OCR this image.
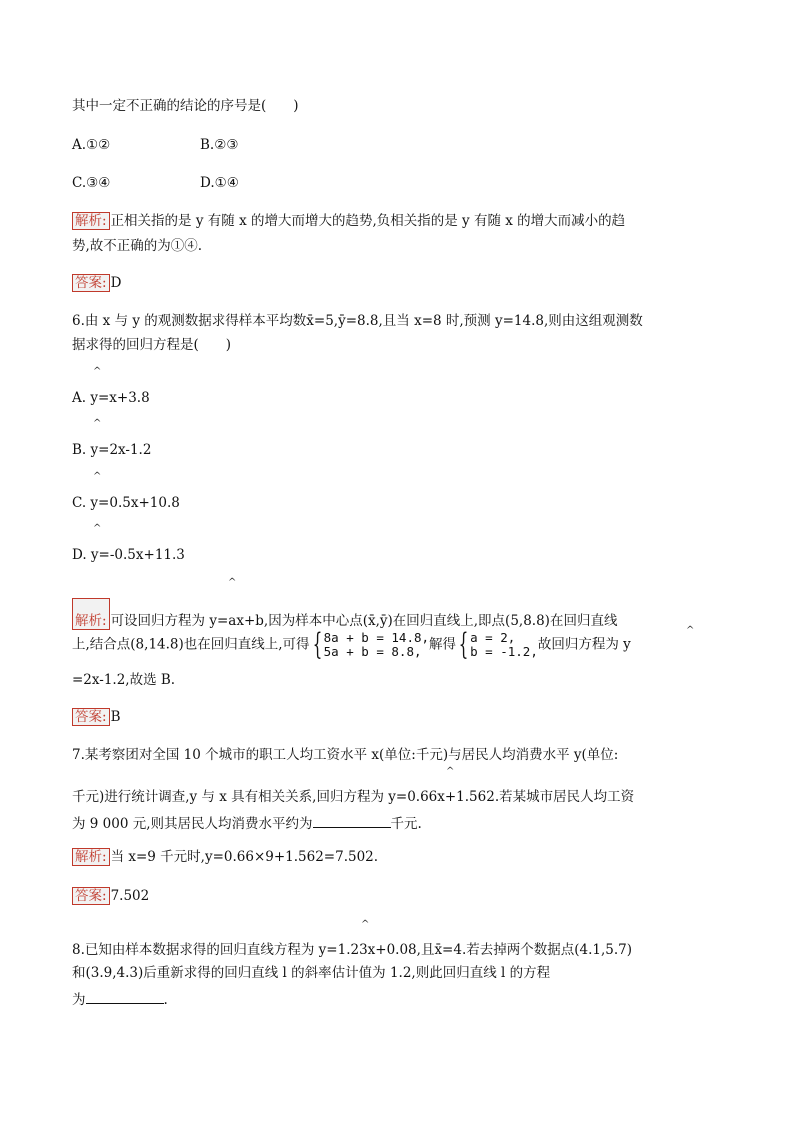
其中一定不正确的结论的序号是(　　)
A.①②	B.②③
C.③④	D.①④
解析: 正相关指的是 y 有随 x 的增大而增大的趋势,负相关指的是 y 有随 x 的增大而减小的趋
势,故不正确的为①④.
答案: D
6.由 x 与 y 的观测数据求得样本平均数x̄=5,ȳ=8.8,且当 x=8 时,预测 y=14.8,则由这组观测数
据求得的回归方程是(　　)
^
A. y=x+3.8
^
B. y=2x-1.2
^
C. y=0.5x+10.8
^
D. y=-0.5x+11.3
^
解析: 可设回归方程为 y=ax+b,因为样本中心点(x̄,ȳ)在回归直线上,即点(5,8.8)在回归直线
上,结合点(8,14.8)也在回归直线上,可得{ 8a + b = 14.8,
5a + b = 8.8, 解得{ a = 2,
b = -1.2,故回归方程为 y
^
=2x-1.2,故选 B.
答案: B
7.某考察团对全国 10 个城市的职工人均工资水平 x(单位:千元)与居民人均消费水平 y(单位:
^
千元)进行统计调查,y 与 x 具有相关关系,回归方程为 y=0.66x+1.562.若某城市居民人均工资
为 9 000 元,则其居民人均消费水平约为	千元.
解析: 当 x=9 千元时,y=0.66×9+1.562=7.502.
答案: 7.502
^
8.已知由样本数据求得的回归直线方程为 y=1.23x+0.08,且x̄=4.若去掉两个数据点(4.1,5.7)
和(3.9,4.3)后重新求得的回归直线 l 的斜率估计值为 1.2,则此回归直线 l 的方程
为	.
